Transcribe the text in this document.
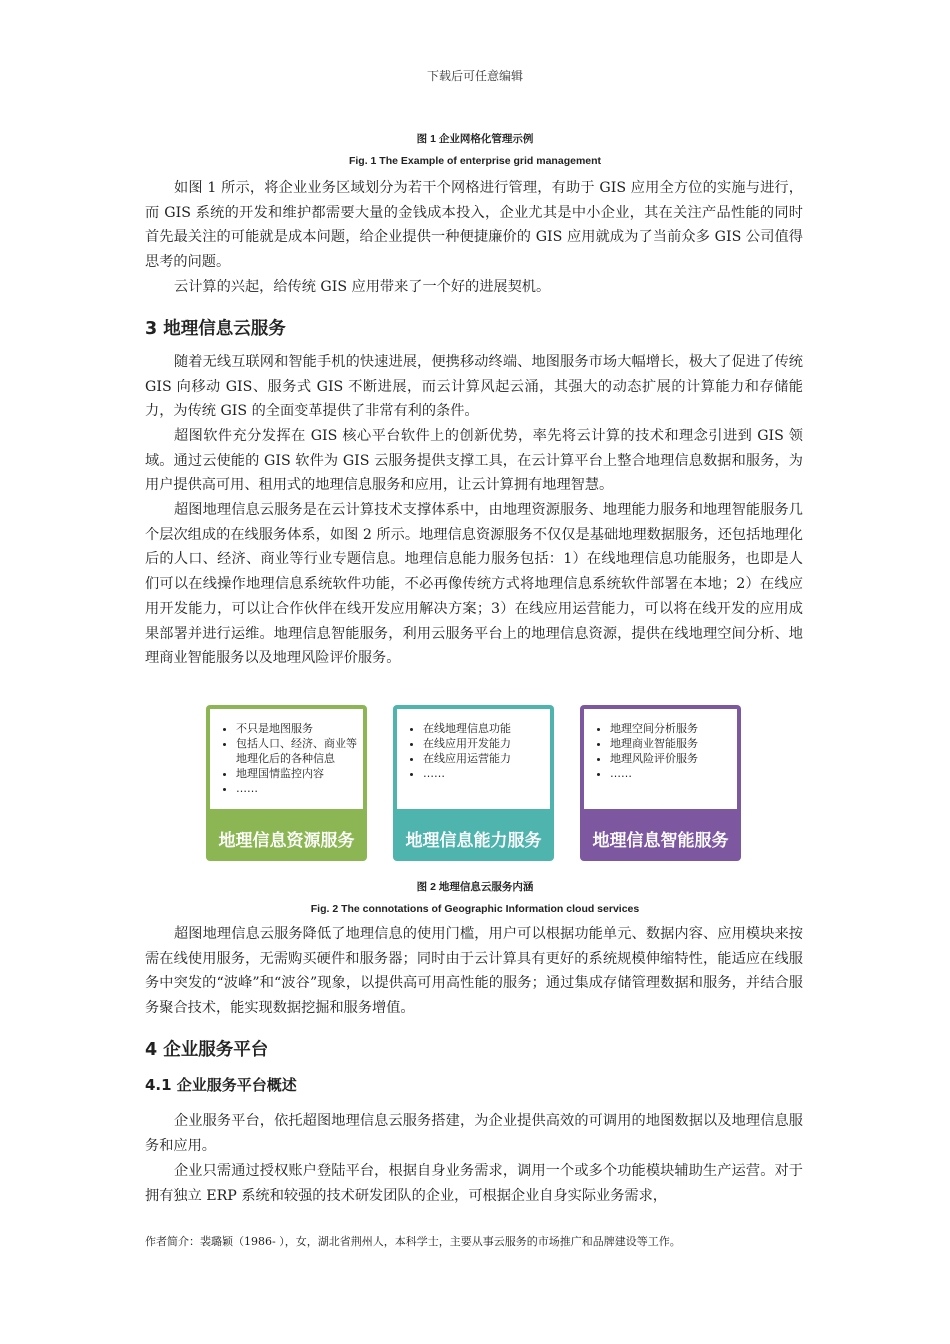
下载后可任意编辑
图 1 企业网格化管理示例
Fig. 1 The Example of enterprise grid management

如图 1 所示，将企业业务区域划分为若干个网格进行管理，有助于 GIS 应用全方位的实施与进行，而 GIS 系统的开发和维护都需要大量的金钱成本投入，企业尤其是中小企业，其在关注产品性能的同时首先最关注的可能就是成本问题，给企业提供一种便捷廉价的 GIS 应用就成为了当前众多 GIS 公司值得思考的问题。

云计算的兴起，给传统 GIS 应用带来了一个好的进展契机。

3 地理信息云服务

随着无线互联网和智能手机的快速进展，便携移动终端、地图服务市场大幅增长，极大了促进了传统 GIS 向移动 GIS、服务式 GIS 不断进展，而云计算风起云涌，其强大的动态扩展的计算能力和存储能力，为传统 GIS 的全面变革提供了非常有利的条件。

超图软件充分发挥在 GIS 核心平台软件上的创新优势，率先将云计算的技术和理念引进到 GIS 领域。通过云使能的 GIS 软件为 GIS 云服务提供支撑工具，在云计算平台上整合地理信息数据和服务，为用户提供高可用、租用式的地理信息服务和应用，让云计算拥有地理智慧。

超图地理信息云服务是在云计算技术支撑体系中，由地理资源服务、地理能力服务和地理智能服务几个层次组成的在线服务体系，如图 2 所示。地理信息资源服务不仅仅是基础地理数据服务，还包括地理化后的人口、经济、商业等行业专题信息。地理信息能力服务包括：1）在线地理信息功能服务，也即是人们可以在线操作地理信息系统软件功能，不必再像传统方式将地理信息系统软件部署在本地；2）在线应用开发能力，可以让合作伙伴在线开发应用解决方案；3）在线应用运营能力，可以将在线开发的应用成果部署并进行运维。地理信息智能服务，利用云服务平台上的地理信息资源，提供在线地理空间分析、地理商业智能服务以及地理风险评价服务。

• 不只是地图服务
• 包括人口、经济、商业等地理化后的各种信息
• 地理国情监控内容
• ……
地理信息资源服务
• 在线地理信息功能
• 在线应用开发能力
• 在线应用运营能力
• ……
地理信息能力服务
• 地理空间分析服务
• 地理商业智能服务
• 地理风险评价服务
• ……
地理信息智能服务
图 2 地理信息云服务内涵
Fig. 2 The connotations of Geographic Information cloud services

超图地理信息云服务降低了地理信息的使用门槛，用户可以根据功能单元、数据内容、应用模块来按需在线使用服务，无需购买硬件和服务器；同时由于云计算具有更好的系统规模伸缩特性，能适应在线服务中突发的“波峰”和“波谷”现象，以提供高可用高性能的服务；通过集成存储管理数据和服务，并结合服务聚合技术，能实现数据挖掘和服务增值。

4 企业服务平台
4.1 企业服务平台概述

企业服务平台，依托超图地理信息云服务搭建，为企业提供高效的可调用的地图数据以及地理信息服务和应用。

企业只需通过授权账户登陆平台，根据自身业务需求，调用一个或多个功能模块辅助生产运营。对于拥有独立 ERP 系统和较强的技术研发团队的企业，可根据企业自身实际业务需求，

作者简介：裴璐颖（1986- ），女，湖北省荆州人，本科学士，主要从事云服务的市场推广和品牌建设等工作。
